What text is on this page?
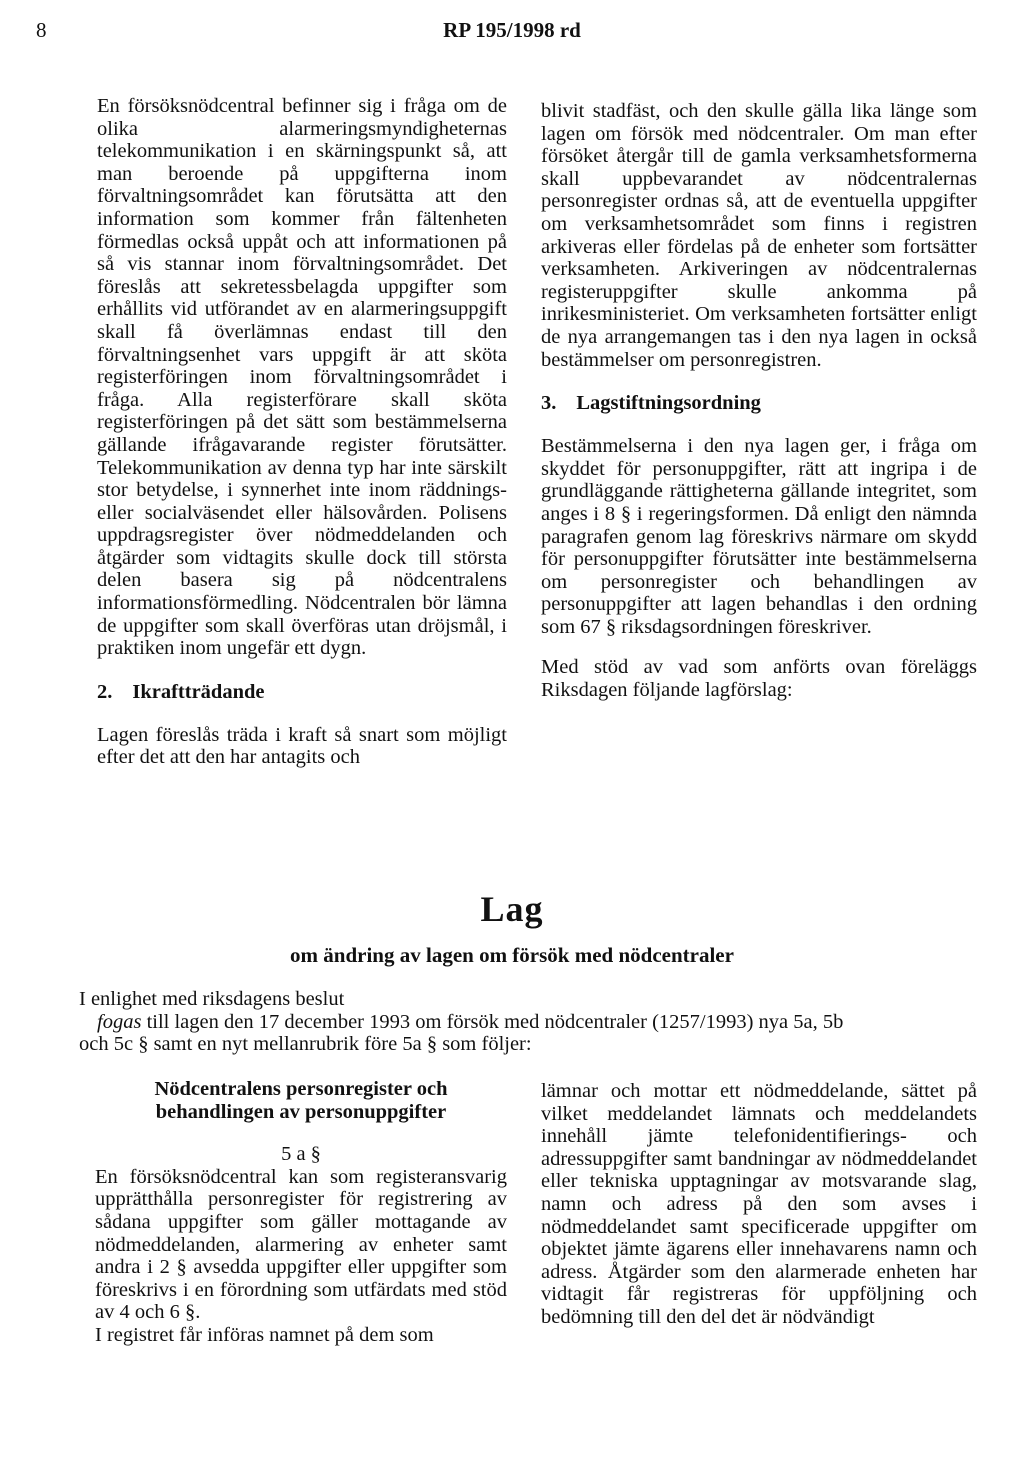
8	RP 195/1998 rd

En försöksnödcentral befinner sig i fråga om de olika alarmeringsmyndigheternas telekommunikation i en skärningspunkt så, att man beroende på uppgifterna inom förvaltningsområdet kan förutsätta att den information som kommer från fältenheten förmedlas också uppåt och att informationen på så vis stannar inom förvaltningsområdet. Det föreslås att sekretessbelagda uppgifter som erhållits vid utförandet av en alarmeringsuppgift skall få överlämnas endast till den förvaltningsenhet vars uppgift är att sköta registerföringen inom förvaltningsområdet i fråga. Alla registerförare skall sköta registerföringen på det sätt som bestämmelserna gällande ifrågavarande register förutsätter. Telekommunikation av denna typ har inte särskilt stor betydelse, i synnerhet inte inom räddnings- eller socialväsendet eller hälsovården. Polisens uppdragsregister över nödmeddelanden och åtgärder som vidtagits skulle dock till största delen basera sig på nödcentralens informationsförmedling. Nödcentralen bör lämna de uppgifter som skall överföras utan dröjsmål, i praktiken inom ungefär ett dygn.

2. Ikraftträdande

Lagen föreslås träda i kraft så snart som möjligt efter det att den har antagits och

blivit stadfäst, och den skulle gälla lika länge som lagen om försök med nödcentraler. Om man efter försöket återgår till de gamla verksamhetsformerna skall uppbevarandet av nödcentralernas personregister ordnas så, att de eventuella uppgifter om verksamhetsområdet som finns i registren arkiveras eller fördelas på de enheter som fortsätter verksamheten. Arkiveringen av nödcentralernas registeruppgifter skulle ankomma på inrikesministeriet. Om verksamheten fortsätter enligt de nya arrangemangen tas i den nya lagen in också bestämmelser om personregistren.

3. Lagstiftningsordning

Bestämmelserna i den nya lagen ger, i fråga om skyddet för personuppgifter, rätt att ingripa i de grundläggande rättigheterna gällande integritet, som anges i 8 § i regeringsformen. Då enligt den nämnda paragrafen genom lag föreskrivs närmare om skydd för personuppgifter förutsätter inte bestämmelserna om personregister och behandlingen av personuppgifter att lagen behandlas i den ordning som 67 § riksdagsordningen föreskriver.

Med stöd av vad som anförts ovan föreläggs Riksdagen följande lagförslag:

Lag
om ändring av lagen om försök med nödcentraler
I enlighet med riksdagens beslut
fogas till lagen den 17 december 1993 om försök med nödcentraler (1257/1993) nya 5a, 5b
och 5c § samt en nyt mellanrubrik före 5a § som följer:
Nödcentralens personregister och behandlingen av personuppgifter
5 a §

En försöksnödcentral kan som registeransvarig upprätthålla personregister för registrering av sådana uppgifter som gäller mottagande av nödmeddelanden, alarmering av enheter samt andra i 2 § avsedda uppgifter eller uppgifter som föreskrivs i en förordning som utfärdats med stöd av 4 och 6 §.

I registret får införas namnet på dem som

lämnar och mottar ett nödmeddelande, sättet på vilket meddelandet lämnats och meddelandets innehåll jämte telefonidentifierings- och adressuppgifter samt bandningar av nödmeddelandet eller tekniska upptagningar av motsvarande slag, namn och adress på den som avses i nödmeddelandet samt specificerade uppgifter om objektet jämte ägarens eller innehavarens namn och adress. Åtgärder som den alarmerade enheten har vidtagit får registreras för uppföljning och bedömning till den del det är nödvändigt
